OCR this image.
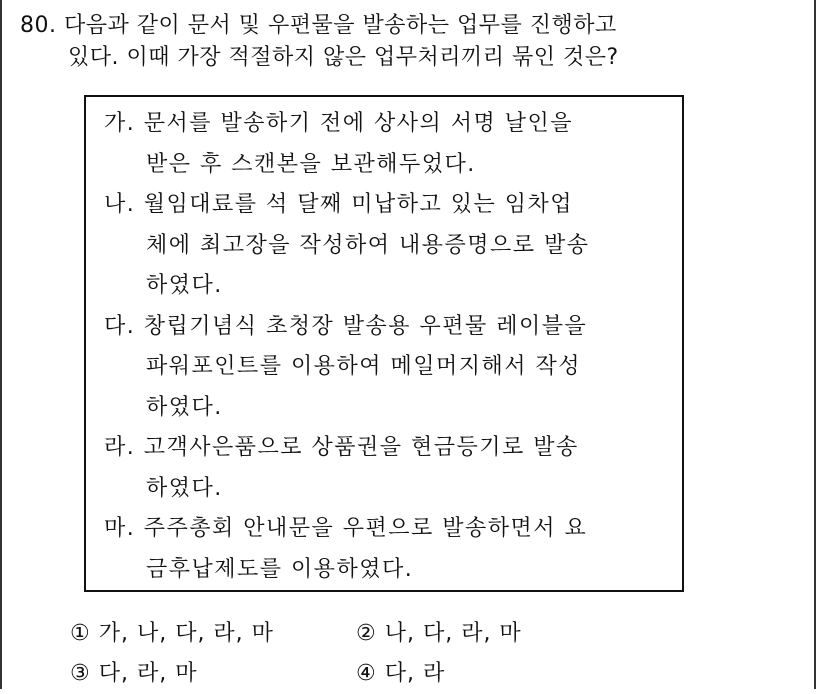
80. 다음과 같이 문서 및 우편물을 발송하는 업무를 진행하고
있다. 이때 가장 적절하지 않은 업무처리끼리 묶인 것은?
가. 문서를 발송하기 전에 상사의 서명 날인을
받은 후 스캔본을 보관해두었다.
나. 월임대료를 석 달째 미납하고 있는 임차업
체에 최고장을 작성하여 내용증명으로 발송
하였다.
다. 창립기념식 초청장 발송용 우편물 레이블을
파워포인트를 이용하여 메일머지해서 작성
하였다.
라. 고객사은품으로 상품권을 현금등기로 발송
하였다.
마. 주주총회 안내문을 우편으로 발송하면서 요
금후납제도를 이용하였다.
① 가, 나, 다, 라, 마	② 나, 다, 라, 마
③ 다, 라, 마	④ 다, 라
